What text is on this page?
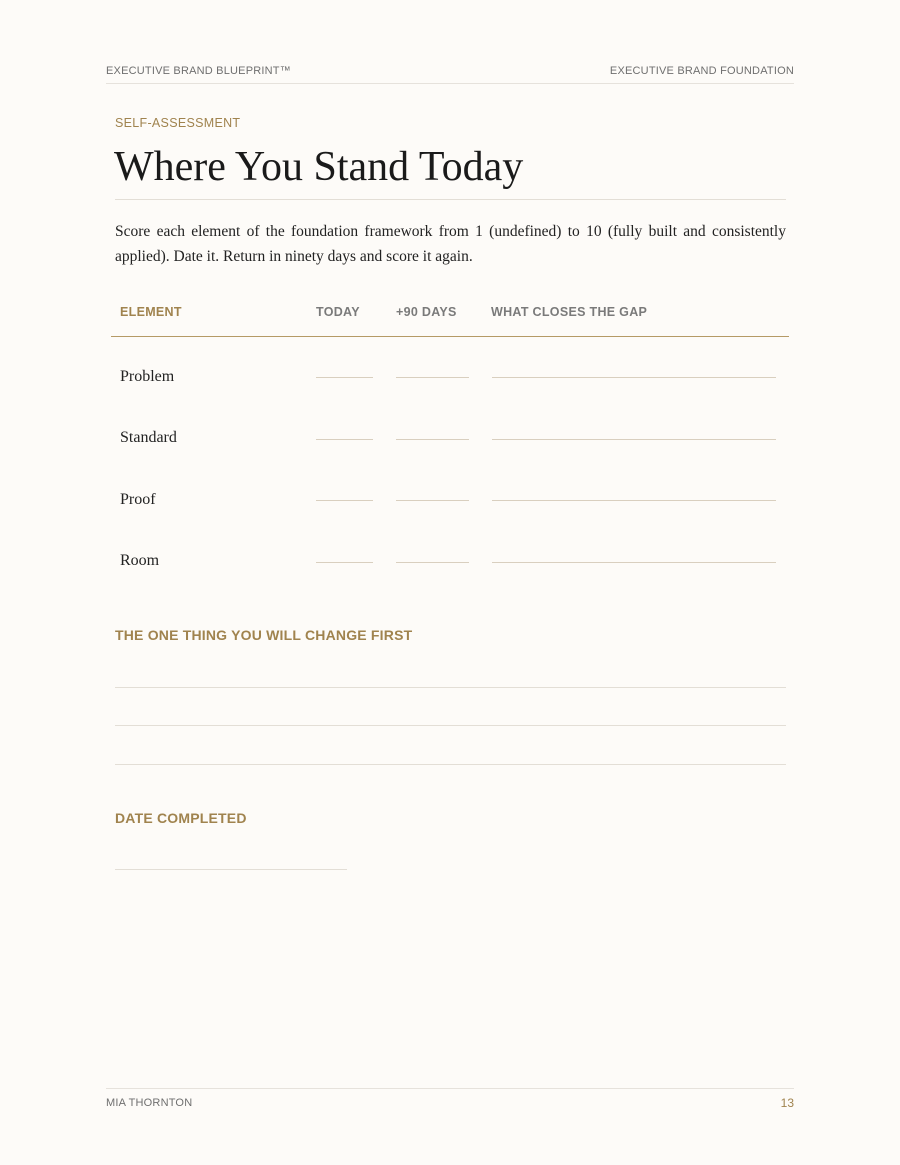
EXECUTIVE BRAND BLUEPRINT™	EXECUTIVE BRAND FOUNDATION
SELF-ASSESSMENT
Where You Stand Today

Score each element of the foundation framework from 1 (undefined) to 10 (fully built and consistently applied). Date it. Return in ninety days and score it again.

ELEMENT	TODAY	+90 DAYS	WHAT CLOSES THE GAP
Problem
Standard
Proof
Room
THE ONE THING YOU WILL CHANGE FIRST
DATE COMPLETED
MIA THORNTON	13
